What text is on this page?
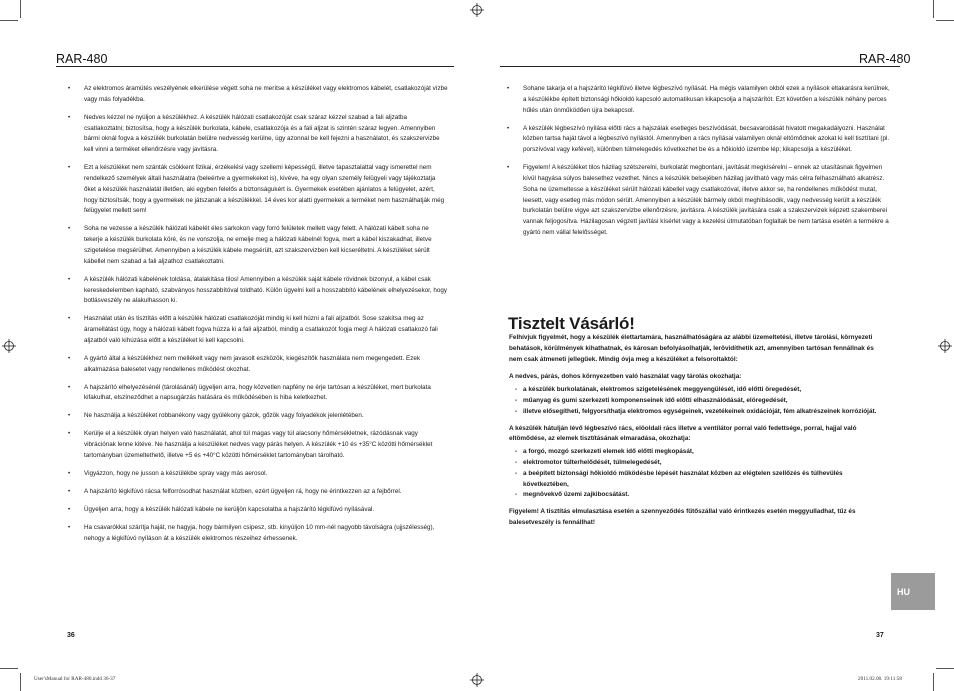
RAR-480
• Az elektromos áramütés veszélyének elkerülése végett soha ne merítse a készüléket vagy elektromos kábelét, csatlakozóját vízbe vagy más folyadékba.
• Nedves kézzel ne nyúljon a készülékhez. A készülék hálózati csatlakozóját csak száraz kézzel szabad a fali aljzatba csatlakoztatni; biztosítsa, hogy a készülék burkolata, kábele, csatlakozója és a fali aljzat is szintén száraz legyen. Amennyiben bármi oknál fogva a készülék burkolatán belülre nedvesség kerülne, úgy azonnal be kell fejezni a használatot, és szakszervizbe kell vinni a terméket ellenőrzésre vagy javításra.
• Ezt a készüléket nem szánták csökkent fizikai, érzékelési vagy szellemi képességű, illetve tapasztalattal vagy ismerettel nem rendelkező személyek általi használatra (beleértve a gyermekeket is), kivéve, ha egy olyan személy felügyeli vagy tájékoztatja őket a készülék használatát illetően, aki egyben felelős a biztonságukért is. Gyermekek esetében ajánlatos a felügyelet, azért, hogy biztosítsák, hogy a gyermekek ne játszanak a készülékkel. 14 éves kor alatti gyermekek a terméket nem használhatják még felügyelet mellett sem!
• Soha ne vezesse a készülék hálózati kábelét éles sarkokon vagy forró felületek mellett vagy felett. A hálózati kábelt soha ne tekerje a készülék burkolata köré, és ne vonszolja, ne emelje meg a hálózati kábelnél fogva, mert a kábel kiszakadhat, illetve szigetelése megsérülhet. Amennyiben a készülék kábele megsérült, azt szakszervizben kell kicseréltetni. A készüléket sérült kábellel nem szabad a fali aljzathoz csatlakoztatni.
• A készülék hálózati kábelének toldása, átalakítása tilos! Amennyiben a készülék saját kábele rövidnek bizonyul, a kábel csak kereskedelemben kapható, szabványos hosszabbítóval toldható. Külön ügyelni kell a hosszabbító kábelének elhelyezésekor, hogy botlásveszély ne alakulhasson ki.
• Használat után és tisztítás előtt a készülék hálózati csatlakozóját mindig ki kell húzni a fali aljzatból. Sose szakítsa meg az áramellátást úgy, hogy a hálózati kábelt fogva húzza ki a fali aljzatból, mindig a csatlakozót fogja meg! A hálózati csatlakozó fali aljzatból való kihúzása előtt a készüléket ki kell kapcsolni.
• A gyártó által a készülékhez nem mellékelt vagy nem javasolt eszközök, kiegészítők használata nem megengedett. Ezek alkalmazása balesetet vagy rendellenes működést okozhat.
• A hajszárító elhelyezésénél (tárolásánál) ügyeljen arra, hogy közvetlen napfény ne érje tartósan a készüléket, mert burkolata kifakulhat, elszíneződhet a napsugárzás hatására és működésében is hiba keletkezhet.
• Ne használja a készüléket robbanékony vagy gyúlékony gázok, gőzök vagy folyadékok jelenlétében.
• Kerülje el a készülék olyan helyen való használatát, ahol túl magas vagy túl alacsony hőmérsékletnek, rázódásnak vagy vibrációnak lenne kitéve. Ne használja a készüléket nedves vagy párás helyen. A készülék +10 és +35°C közötti hőmérséklet tartományban üzemeltethető, illetve +5 és +40°C közötti hőmérséklet tartományban tárolható.
• Vigyázzon, hogy ne jusson a készülékbe spray vagy más aerosol.
• A hajszárító légkifúvó rácsa felforrósodhat használat közben, ezért ügyeljen rá, hogy ne érintkezzen az a fejbőrrel.
• Ügyeljen arra, hogy a készülék hálózati kábele ne kerüljön kapcsolatba a hajszárító légkifúvó nyílásával.
• Ha csavarókkal szárítja haját, ne hagyja, hogy bármilyen csipesz, stb. kinyúljon 10 mm-nél nagyobb távolságra (ujjszélesség), nehogy a légkifúvó nyíláson át a készülék elektromos részeihez érhessenek.
36
RAR-480
• Sohane takarja el a hajszárító légkifúvó illetve légbeszívó nyílását. Ha mégis valamilyen okból ezek a nyílások eltakarásra kerülnek, a készülékbe épített biztonsági hőkioldó kapcsoló automatikusan kikapcsolja a hajszárítót. Ezt követően a készülék néhány perces hűlés után önműködően újra bekapcsol.
• A készülék légbeszívó nyílása előtti rács a hajszálak esetleges beszívódását, becsavarodását hivatott megakadályozni. Használat közben tartsa haját távol a légbeszívó nyílástól. Amennyiben a rács nyílásai valamilyen oknál eltömődnek azokat ki kell tisztítani (pl. porszívóval vagy kefével), különben túlmelegedés következhet be és a hőkioldó üzembe lép; kikapcsolja a készüléket.
• Figyelem! A készüléket tilos házilag szétszerelni, burkolatát megbontani, javítását megkísérelni – ennek az utasításnak figyelmen kívül hagyása súlyos balesethez vezethet. Nincs a készülék belsejében házilag javítható vagy más célra felhasználható alkatrész. Soha ne üzemeltesse a készüléket sérült hálózati kábellel vagy csatlakozóval, illetve akkor se, ha rendellenes működést mutat, leesett, vagy esetleg más módon sérült. Amennyiben a készülék bármely okból meghibásodik, vagy nedvesség került a készülék burkolatán belülre vigye azt szakszervizbe ellenőrzésre, javításra. A készülék javítására csak a szakszervizek képzett szakemberei vannak feljogosítva. Házilagosan végzett javítási kísérlet vagy a kezelési útmutatóban foglaltak be nem tartása esetén a termékre a gyártó nem vállal felelősséget.
Tisztelt Vásárló!

Felhívjuk figyelmét, hogy a készülék élettartamára, használhatóságára az alábbi üzemeltetési, illetve tárolási, környezeti behatások, körülmények kihathatnak, és károsan befolyásolhatják, lerövidíthetik azt, amennyiben tartósan fennállnak és nem csak átmeneti jellegűek. Mindig óvja meg a készüléket a felsoroltaktól:

A nedves, párás, dohos környezetben való használat vagy tárolás okozhatja:

- a készülék burkolatának, elektromos szigetelésének meggyengülését, idő előtti öregedését,
- műanyag és gumi szerkezeti komponenseinek idő előtti elhasználódását, elöregedését,
- illetve elősegítheti, felgyorsíthatja elektromos egységeinek, vezetékeinek oxidációját, fém alkatrészeinek korrózióját.

A készülék hátulján lévő légbeszívó rács, elöoldali rács illetve a ventilátor porral való fedettsége, porral, hajjal való eltömődése, az elemek tisztításának elmaradása, okozhatja:

- a forgó, mozgó szerkezeti elemek idő előtti megkopását,
- elektromotor túlterhelődését, túlmelegedését,
- a beépített biztonsági hőkioldó működésbe lépését használat közben az elégtelen szellőzés és túlhevülés következtében,
- megnövekvő üzemi zajkibocsátást.

Figyelem! A tisztítás elmulasztása esetén a szennyeződés fűtőszállal való érintkezés esetén meggyulladhat, tűz és balesetveszély is fennállhat!

HU
37
User'sManual for RAR-480.indd 36-37	2011.02.08. 19:11:58
